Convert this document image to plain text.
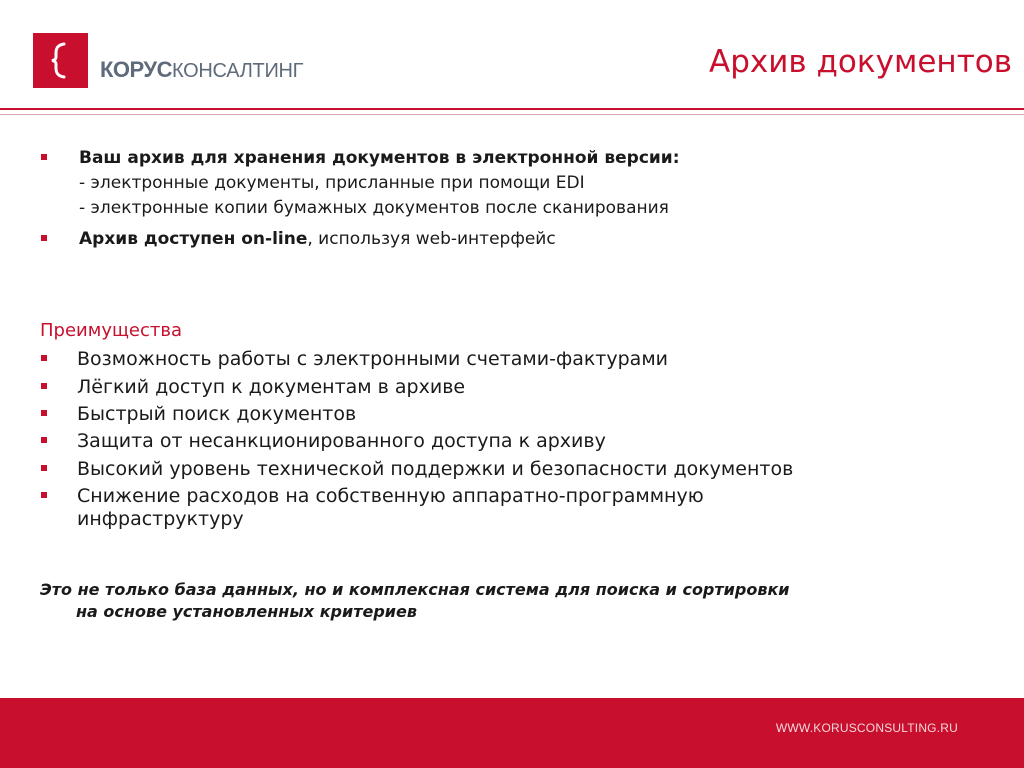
КОРУСКОНСАЛТИНГ	Архив документов
Ваш архив для хранения документов в электронной версии:
- электронные документы, присланные при помощи EDI
- электронные копии бумажных документов после сканирования
Архив доступен on-line, используя web-интерфейс
Преимущества
Возможность работы с электронными счетами-фактурами
Лёгкий доступ к документам в архиве
Быстрый поиск документов
Защита от несанкционированного доступа к архиву
Высокий уровень технической поддержки и безопасности документов
Снижение расходов на собственную аппаратно-программную
инфраструктуру
Это не только база данных, но и комплексная система для поиска и сортировки
на основе установленных критериев
WWW.KORUSCONSULTING.RU
